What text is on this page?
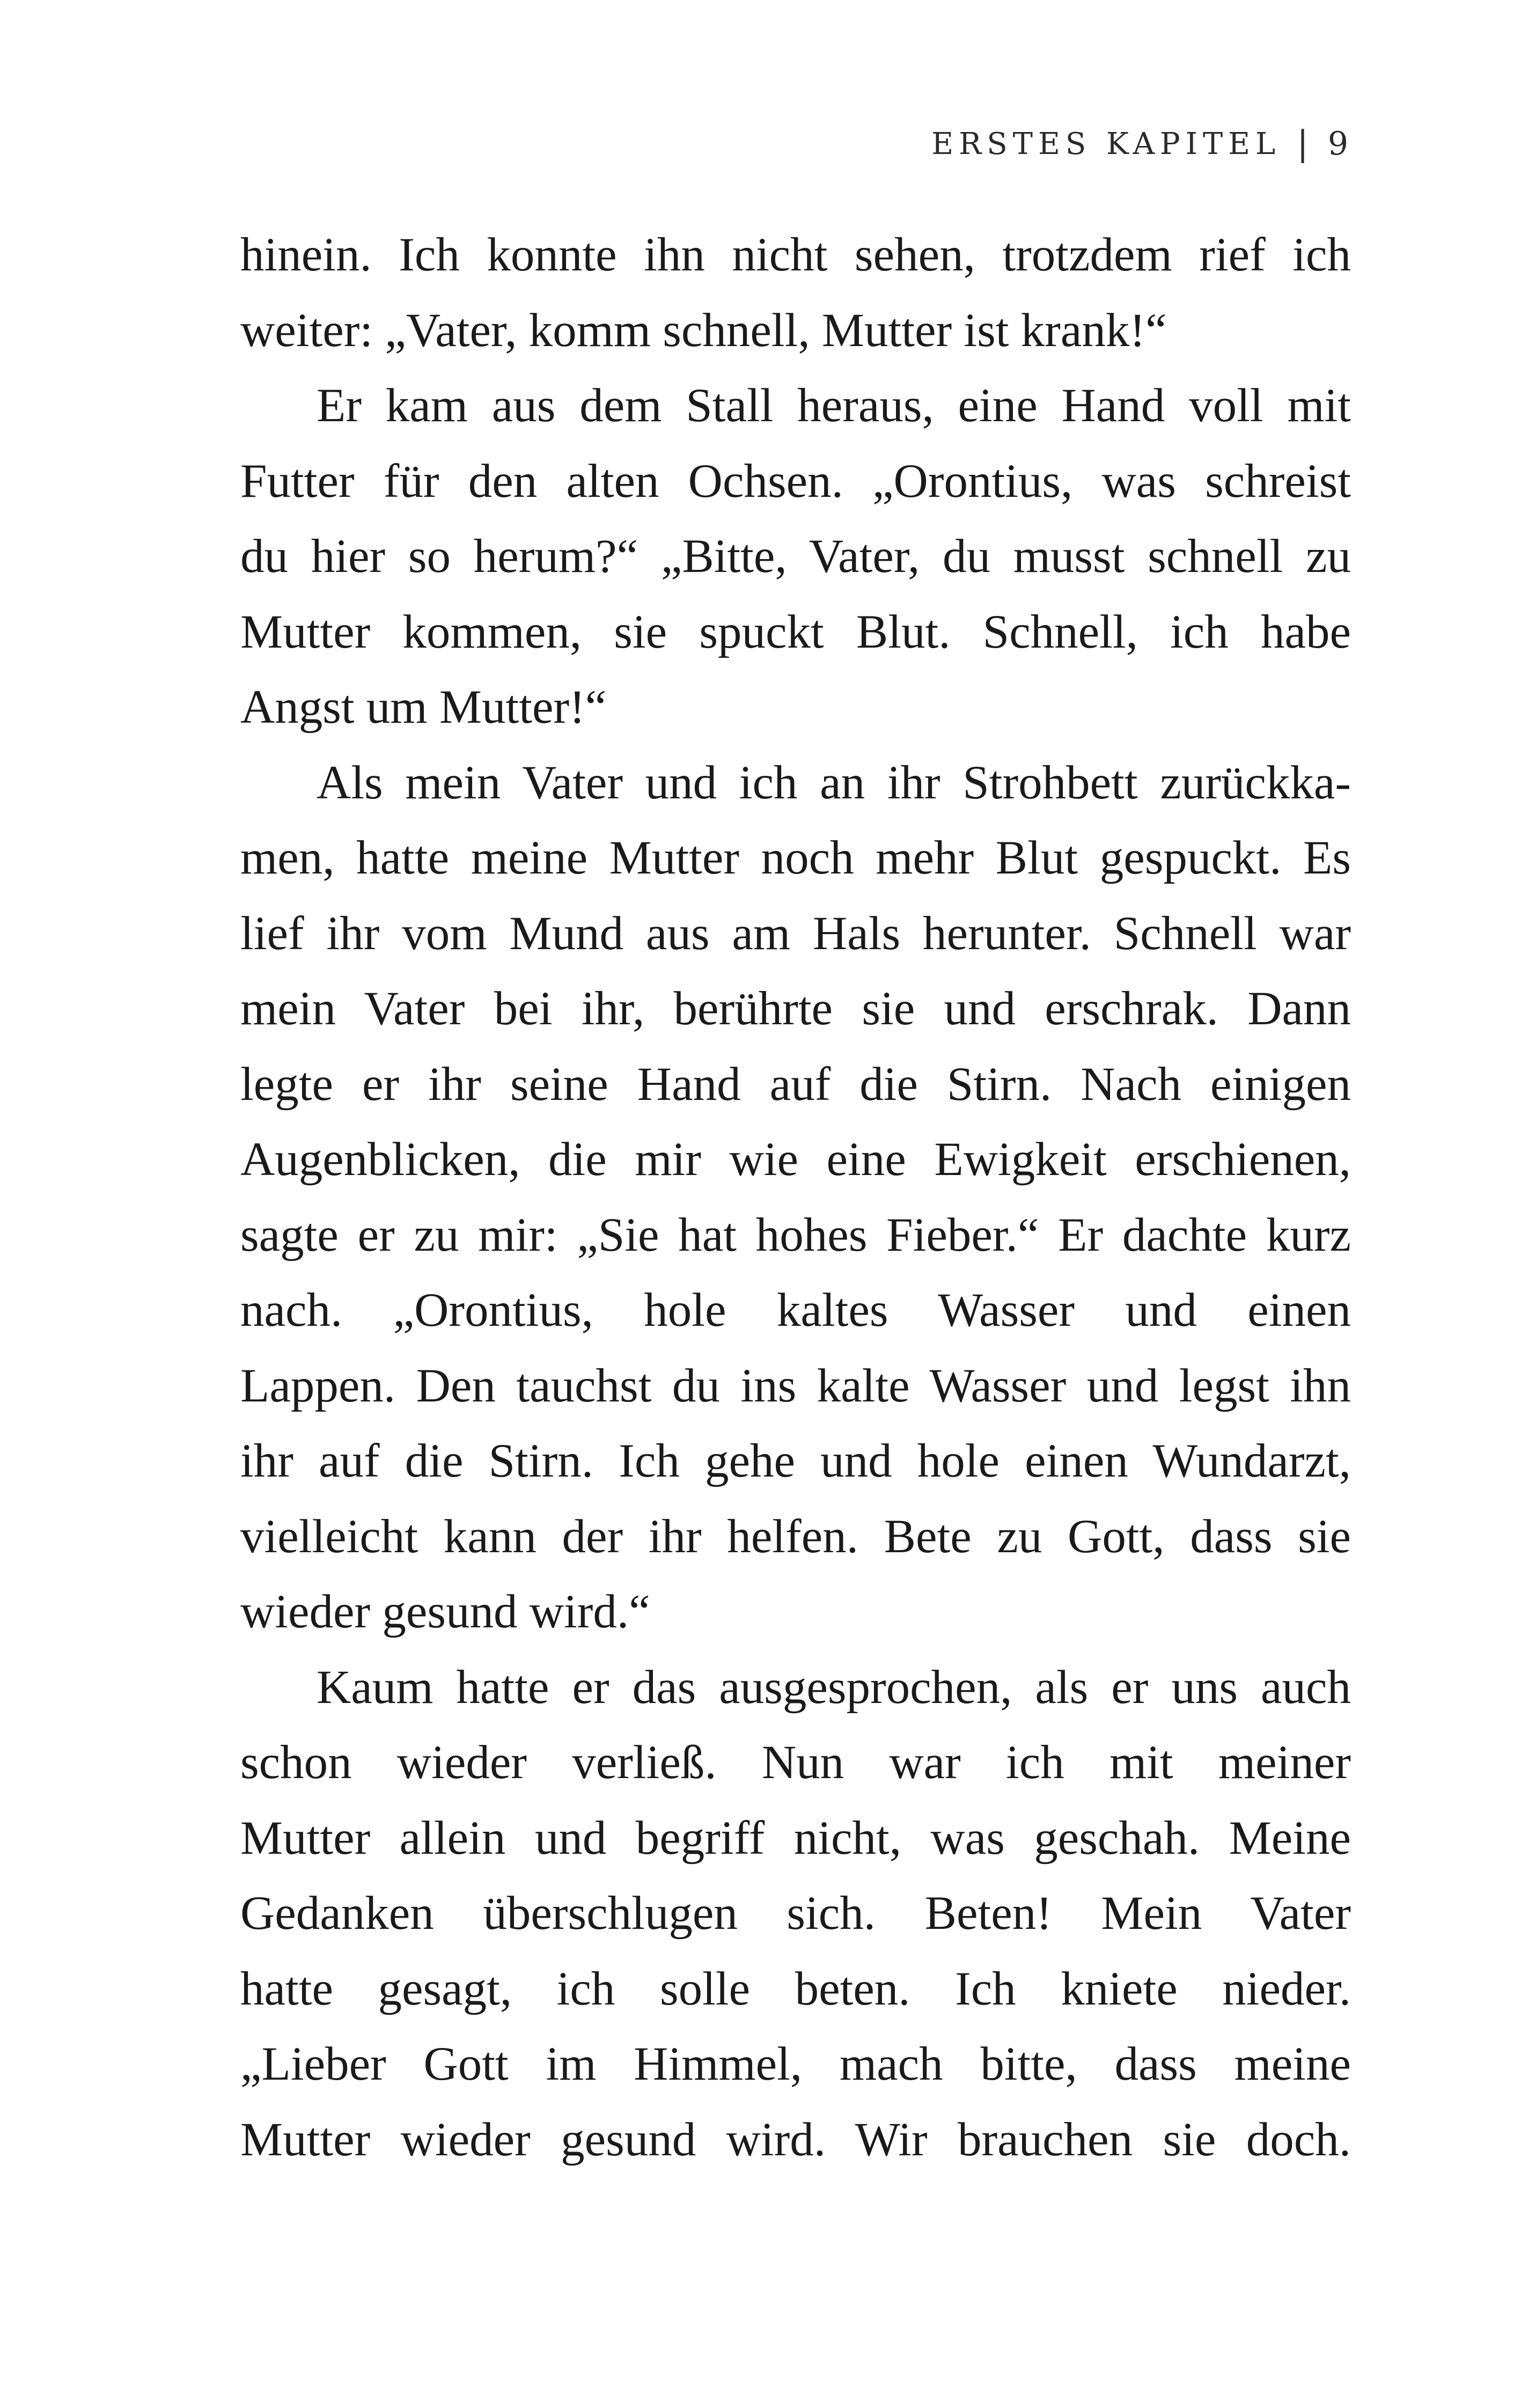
ERSTES KAPITEL | 9
hinein. Ich konnte ihn nicht sehen, trotzdem rief ich
weiter: „Vater, komm schnell, Mutter ist krank!“
Er kam aus dem Stall heraus, eine Hand voll mit
Futter für den alten Ochsen. „Orontius, was schreist
du hier so herum?“ „Bitte, Vater, du musst schnell zu
Mutter kommen, sie spuckt Blut. Schnell, ich habe
Angst um Mutter!“
Als mein Vater und ich an ihr Strohbett zurückka-
men, hatte meine Mutter noch mehr Blut gespuckt. Es
lief ihr vom Mund aus am Hals herunter. Schnell war
mein Vater bei ihr, berührte sie und erschrak. Dann
legte er ihr seine Hand auf die Stirn. Nach einigen
Augenblicken, die mir wie eine Ewigkeit erschienen,
sagte er zu mir: „Sie hat hohes Fieber.“ Er dachte kurz
nach. „Orontius, hole kaltes Wasser und einen
Lappen. Den tauchst du ins kalte Wasser und legst ihn
ihr auf die Stirn. Ich gehe und hole einen Wundarzt,
vielleicht kann der ihr helfen. Bete zu Gott, dass sie
wieder gesund wird.“
Kaum hatte er das ausgesprochen, als er uns auch
schon wieder verließ. Nun war ich mit meiner
Mutter allein und begriff nicht, was geschah. Meine
Gedanken überschlugen sich. Beten! Mein Vater
hatte gesagt, ich solle beten. Ich kniete nieder.
„Lieber Gott im Himmel, mach bitte, dass meine
Mutter wieder gesund wird. Wir brauchen sie doch.
